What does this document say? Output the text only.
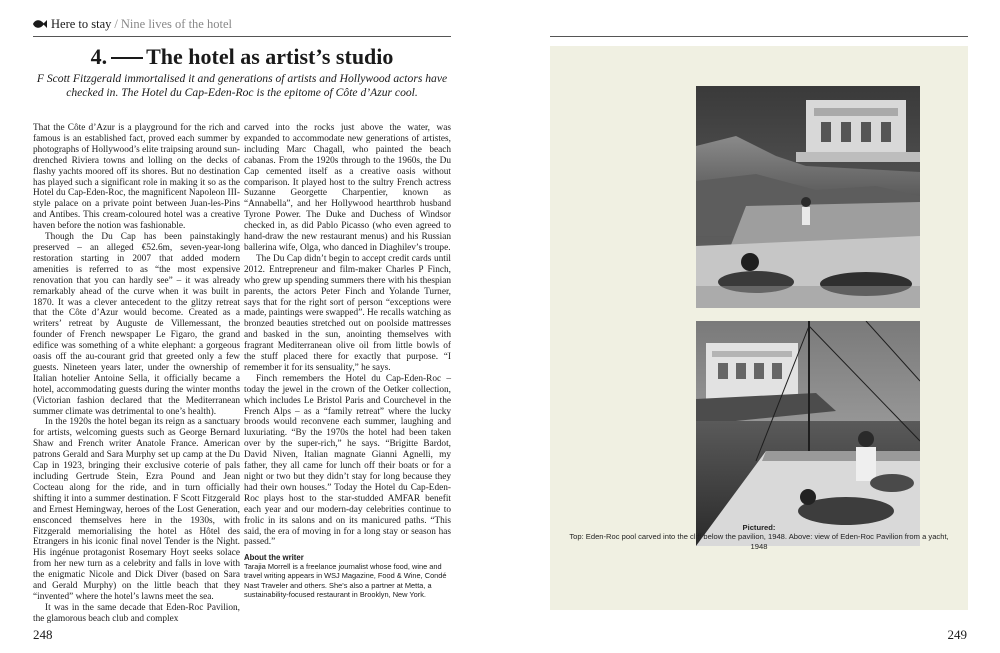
Here to stay / Nine lives of the hotel
4. The hotel as artist’s studio

F Scott Fitzgerald immortalised it and generations of artists and Hollywood actors have checked in. The Hotel du Cap-Eden-Roc is the epitome of Côte d’Azur cool.

That the Côte d’Azur is a playground for the rich and famous is an established fact, proved each summer by photographs of Hollywood’s elite traipsing around sun-drenched Riviera towns and lolling on the decks of flashy yachts moored off its shores. But no destination has played such a significant role in making it so as the Hotel du Cap-Eden-Roc, the magnificent Napoleon III-style palace on a private point between Juan-les-Pins and Antibes. This cream-coloured hotel was a creative haven before the notion was fashionable.

Though the Du Cap has been painstakingly preserved – an alleged €52.6m, seven-year-long restoration starting in 2007 that added modern amenities is referred to as “the most expensive renovation that you can hardly see” – it was already remarkably ahead of the curve when it was built in 1870. It was a clever antecedent to the glitzy retreat that the Côte d’Azur would become. Created as a writers’ retreat by Auguste de Villemessant, the founder of French newspaper Le Figaro, the grand edifice was something of a white elephant: a gorgeous oasis off the au-courant grid that greeted only a few guests. Nineteen years later, under the ownership of Italian hotelier Antoine Sella, it officially became a hotel, accommodating guests during the winter months (Victorian fashion declared that the Mediterranean summer climate was detrimental to one’s health).

In the 1920s the hotel began its reign as a sanctuary for artists, welcoming guests such as George Bernard Shaw and French writer Anatole France. American patrons Gerald and Sara Murphy set up camp at the Du Cap in 1923, bringing their exclusive coterie of pals including Gertrude Stein, Ezra Pound and Jean Cocteau along for the ride, and in turn officially shifting it into a summer destination. F Scott Fitzgerald and Ernest Hemingway, heroes of the Lost Generation, ensconced themselves here in the 1930s, with Fitzgerald memorialising the hotel as Hôtel des Etrangers in his iconic final novel Tender is the Night. His ingénue protagonist Rosemary Hoyt seeks solace from her new turn as a celebrity and falls in love with the enigmatic Nicole and Dick Diver (based on Sara and Gerald Murphy) on the little beach that they “invented” where the hotel’s lawns meet the sea.

It was in the same decade that Eden-Roc Pavilion, the glamorous beach club and complex

carved into the rocks just above the water, was expanded to accommodate new generations of artistes, including Marc Chagall, who painted the beach cabanas. From the 1920s through to the 1960s, the Du Cap cemented itself as a creative oasis without comparison. It played host to the sultry French actress Suzanne Georgette Charpentier, known as “Annabella”, and her Hollywood heartthrob husband Tyrone Power. The Duke and Duchess of Windsor checked in, as did Pablo Picasso (who even agreed to hand-draw the new restaurant menus) and his Russian ballerina wife, Olga, who danced in Diaghilev’s troupe.

The Du Cap didn’t begin to accept credit cards until 2012. Entrepreneur and film-maker Charles P Finch, who grew up spending summers there with his thespian parents, the actors Peter Finch and Yolande Turner, says that for the right sort of person “exceptions were made, paintings were swapped”. He recalls watching as bronzed beauties stretched out on poolside mattresses and basked in the sun, anointing themselves with fragrant Mediterranean olive oil from little bowls of the stuff placed there for exactly that purpose. “I remember it for its sensuality,” he says.

Finch remembers the Hotel du Cap-Eden-Roc – today the jewel in the crown of the Oetker collection, which includes Le Bristol Paris and Courchevel in the French Alps – as a “family retreat” where the lucky broods would reconvene each summer, laughing and luxuriating. “By the 1970s the hotel had been taken over by the super-rich,” he says. “Brigitte Bardot, David Niven, Italian magnate Gianni Agnelli, my father, they all came for lunch off their boats or for a night or two but they didn’t stay for long because they had their own houses.” Today the Hotel du Cap-Eden-Roc plays host to the star-studded AMFAR benefit each year and our modern-day celebrities continue to frolic in its salons and on its manicured paths. “This said, the era of moving in for a long stay or season has passed.”

About the writer
Tarajia Morrell is a freelance journalist whose food, wine and travel writing appears in WSJ Magazine, Food & Wine, Condé Nast Traveler and others. She’s also a partner at Metta, a sustainability-focused restaurant in Brooklyn, New York.
248
Pictured:
Top: Eden-Roc pool carved into the cliff below the pavilion, 1948. Above: view of Eden-Roc Pavilion from a yacht, 1948
249
